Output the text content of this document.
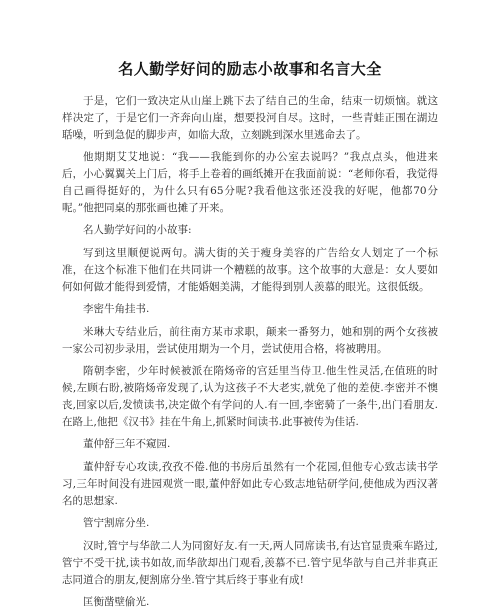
名人勤学好问的励志小故事和名言大全

于是，它们一致决定从山崖上跳下去了结自己的生命，结束一切烦恼。就这样决定了，于是它们一齐奔向山崖，想要投河自尽。这时，一些青蛙正围在湖边聒噪，听到急促的脚步声，如临大敌，立刻跳到深水里逃命去了。

他期期艾艾地说：“我——我能到你的办公室去说吗？”我点点头，他进来后，小心翼翼关上门后，将手上卷着的画纸摊开在我面前说：“老师你看，我觉得自己画得挺好的，为什么只有65分呢?我看他这张还没我的好呢，他都70分呢。”他把同桌的那张画也摊了开来。

名人勤学好问的小故事:

写到这里顺便说两句。满大街的关于瘦身美容的广告给女人划定了一个标准，在这个标准下他们在共同讲一个糟糕的故事。这个故事的大意是：女人要如何如何做才能得到爱情，才能婚姻美满，才能得到别人羡慕的眼光。这很低级。

李密牛角挂书.

米琳大专结业后，前往南方某市求职，颠来一番努力，她和别的两个女孩被一家公司初步录用，尝试使用期为一个月，尝试使用合格，将被聘用。

隋朝李密，少年时候被派在隋炀帝的宫廷里当侍卫.他生性灵活,在值班的时候,左顾右盼,被隋炀帝发现了,认为这孩子不大老实,就免了他的差使.李密并不懊丧,回家以后,发愤读书,决定做个有学问的人.有一回,李密骑了一条牛,出门看朋友.在路上,他把《汉书》挂在牛角上,抓紧时间读书.此事被传为佳话.

董仲舒三年不窥园.

董仲舒专心攻读,孜孜不倦.他的书房后虽然有一个花园,但他专心致志读书学习,三年时间没有进园观赏一眼,董仲舒如此专心致志地钻研学问,使他成为西汉著名的思想家.

管宁割席分坐.

汉时,管宁与华歆二人为同窗好友.有一天,两人同席读书,有达官显贵乘车路过,管宁不受干扰,读书如故,而华歆却出门观看,羡慕不已.管宁见华歆与自己并非真正志同道合的朋友,便割席分坐.管宁其后终于事业有成!

匡衡凿壁偷光.
